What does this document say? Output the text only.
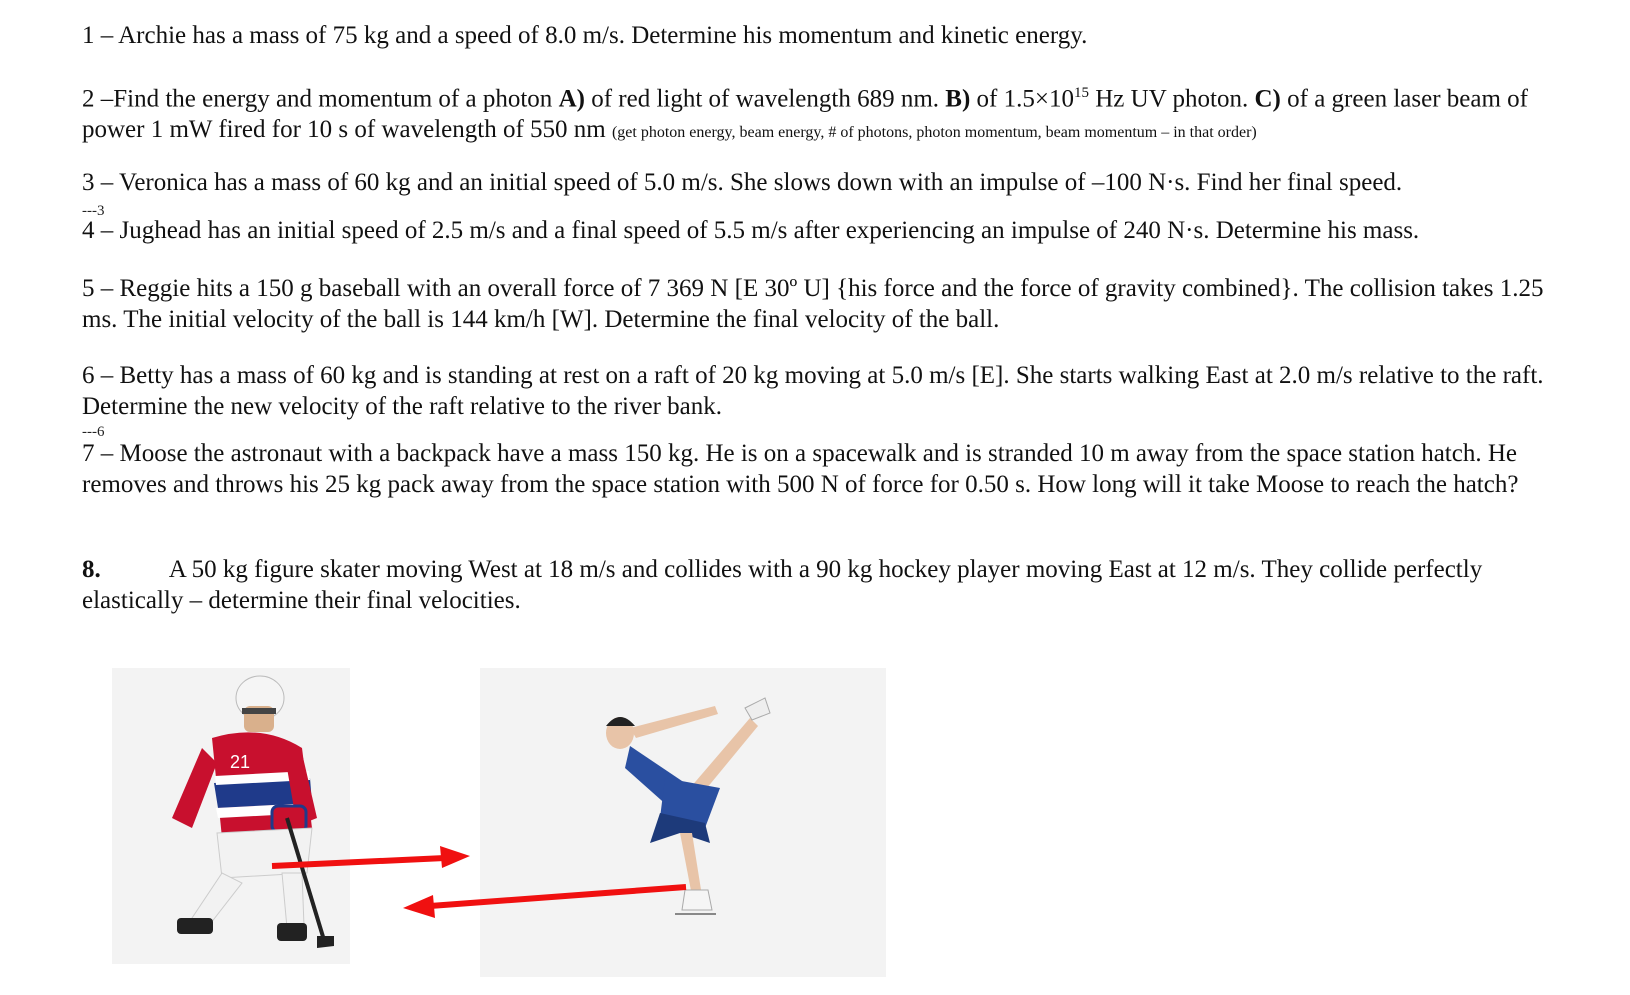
1 – Archie has a mass of 75 kg and a speed of 8.0 m/s. Determine his momentum and kinetic energy.
2 –Find the energy and momentum of a photon A) of red light of wavelength 689 nm. B) of $1.5\times 10^{15}$ Hz UV photon. C) of a green laser beam of power 1 mW fired for 10 s of wavelength of 550 nm (get photon energy, beam energy, # of photons, photon momentum, beam momentum – in that order)
3 – Veronica has a mass of 60 kg and an initial speed of 5.0 m/s. She slows down with an impulse of –100 N·s. Find her final speed.
---3
4 – Jughead has an initial speed of 2.5 m/s and a final speed of 5.5 m/s after experiencing an impulse of 240 N·s. Determine his mass.
5 – Reggie hits a 150 g baseball with an overall force of 7 369 N [E 30º U] {his force and the force of gravity combined}. The collision takes 1.25 ms. The initial velocity of the ball is 144 km/h [W]. Determine the final velocity of the ball.
6 – Betty has a mass of 60 kg and is standing at rest on a raft of 20 kg moving at 5.0 m/s [E]. She starts walking East at 2.0 m/s relative to the raft. Determine the new velocity of the raft relative to the river bank.
---6
7 – Moose the astronaut with a backpack have a mass 150 kg. He is on a spacewalk and is stranded 10 m away from the space station hatch. He removes and throws his 25 kg pack away from the space station with 500 N of force for 0.50 s. How long will it take Moose to reach the hatch?
8.	A 50 kg figure skater moving West at 18 m/s and collides with a 90 kg hockey player moving East at 12 m/s. They collide perfectly elastically – determine their final velocities.
21
